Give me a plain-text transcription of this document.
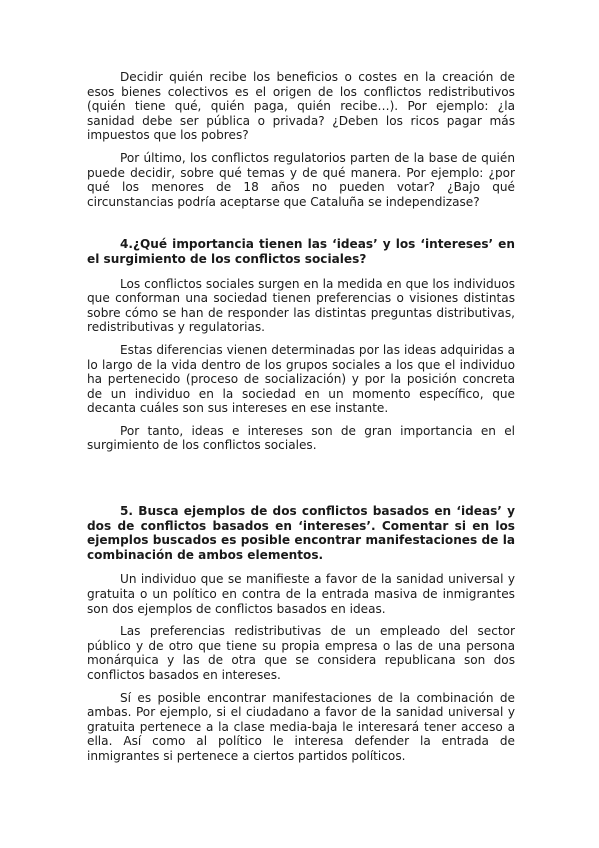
Decidir quién recibe los beneficios o costes en la creación de esos bienes colectivos es el origen de los conflictos redistributivos (quién tiene qué, quién paga, quién recibe…). Por ejemplo: ¿la sanidad debe ser pública o privada? ¿Deben los ricos pagar más impuestos que los pobres?

Por último, los conflictos regulatorios parten de la base de quién puede decidir, sobre qué temas y de qué manera. Por ejemplo: ¿por qué los menores de 18 años no pueden votar? ¿Bajo qué circunstancias podría aceptarse que Cataluña se independizase?

4.¿Qué importancia tienen las ‘ideas’ y los ‘intereses’ en el surgimiento de los conflictos sociales?

Los conflictos sociales surgen en la medida en que los individuos que conforman una sociedad tienen preferencias o visiones distintas sobre cómo se han de responder las distintas preguntas distributivas, redistributivas y regulatorias.

Estas diferencias vienen determinadas por las ideas adquiridas a lo largo de la vida dentro de los grupos sociales a los que el individuo ha pertenecido (proceso de socialización) y por la posición concreta de un individuo en la sociedad en un momento específico, que decanta cuáles son sus intereses en ese instante.

Por tanto, ideas e intereses son de gran importancia en el surgimiento de los conflictos sociales.

5. Busca ejemplos de dos conflictos basados en ‘ideas’ y dos de conflictos basados en ‘intereses’. Comentar si en los ejemplos buscados es posible encontrar manifestaciones de la combinación de ambos elementos.

Un individuo que se manifieste a favor de la sanidad universal y gratuita o un político en contra de la entrada masiva de inmigrantes son dos ejemplos de conflictos basados en ideas.

Las preferencias redistributivas de un empleado del sector público y de otro que tiene su propia empresa o las de una persona monárquica y las de otra que se considera republicana son dos conflictos basados en intereses.

Sí es posible encontrar manifestaciones de la combinación de ambas. Por ejemplo, si el ciudadano a favor de la sanidad universal y gratuita pertenece a la clase media-baja le interesará tener acceso a ella. Así como al político le interesa defender la entrada de inmigrantes si pertenece a ciertos partidos políticos.
